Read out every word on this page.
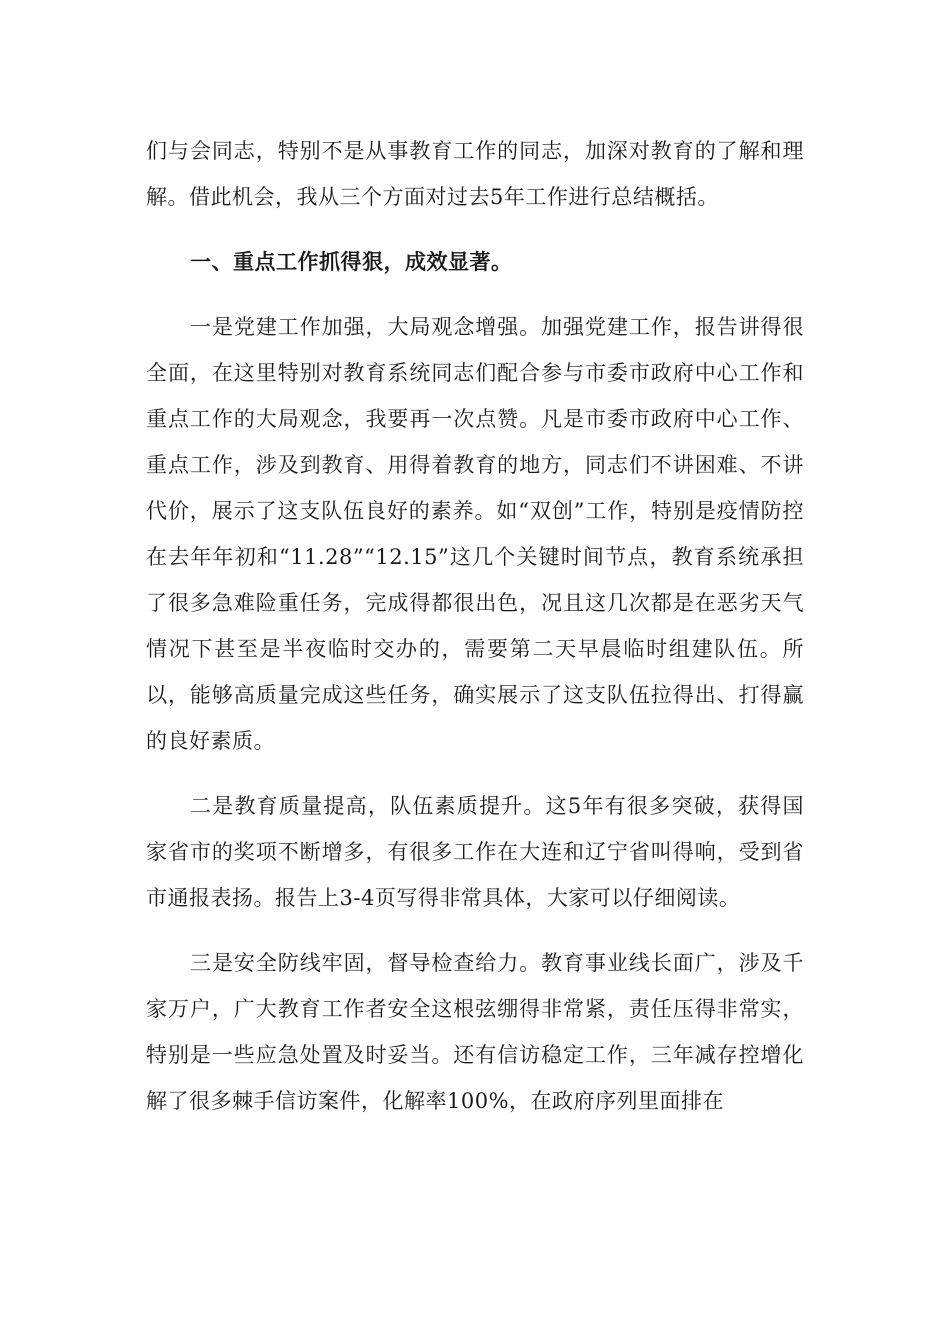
们与会同志，特别不是从事教育工作的同志，加深对教育的了解和理解。借此机会，我从三个方面对过去5年工作进行总结概括。

一、重点工作抓得狠，成效显著。

一是党建工作加强，大局观念增强。加强党建工作，报告讲得很全面，在这里特别对教育系统同志们配合参与市委市政府中心工作和重点工作的大局观念，我要再一次点赞。凡是市委市政府中心工作、重点工作，涉及到教育、用得着教育的地方，同志们不讲困难、不讲代价，展示了这支队伍良好的素养。如“双创”工作，特别是疫情防控在去年年初和“11.28”“12.15”这几个关键时间节点，教育系统承担了很多急难险重任务，完成得都很出色，况且这几次都是在恶劣天气情况下甚至是半夜临时交办的，需要第二天早晨临时组建队伍。所以，能够高质量完成这些任务，确实展示了这支队伍拉得出、打得赢的良好素质。

二是教育质量提高，队伍素质提升。这5年有很多突破，获得国家省市的奖项不断增多，有很多工作在大连和辽宁省叫得响，受到省市通报表扬。报告上3-4页写得非常具体，大家可以仔细阅读。

三是安全防线牢固，督导检查给力。教育事业线长面广，涉及千家万户，广大教育工作者安全这根弦绷得非常紧，责任压得非常实，特别是一些应急处置及时妥当。还有信访稳定工作，三年减存控增化解了很多棘手信访案件，化解率100%，在政府序列里面排在
